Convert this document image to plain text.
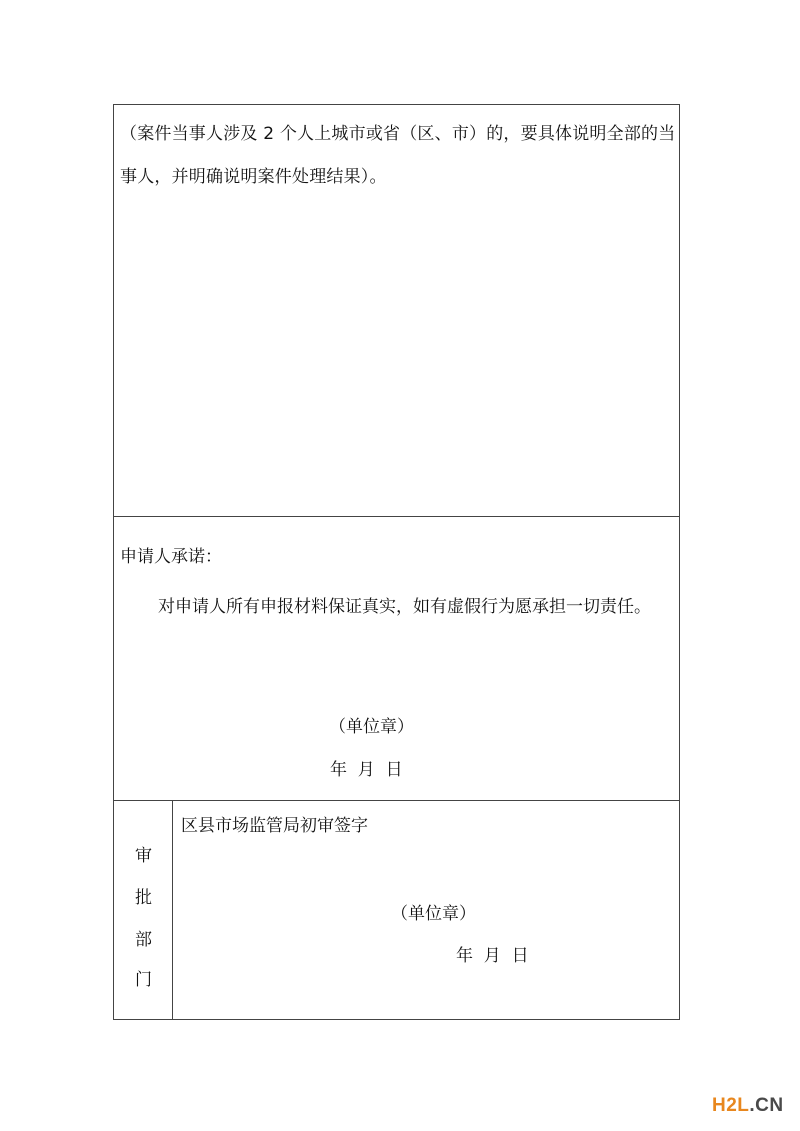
（案件当事人涉及 2 个人上城市或省（区、市）的，要具体说明全部的当事人，并明确说明案件处理结果）。

申请人承诺：

对申请人所有申报材料保证真实，如有虚假行为愿承担一切责任。

（单位章）

年  月  日

审
批
部
门

区县市场监管局初审签字

（单位章）

年  月  日

H2L.CN
